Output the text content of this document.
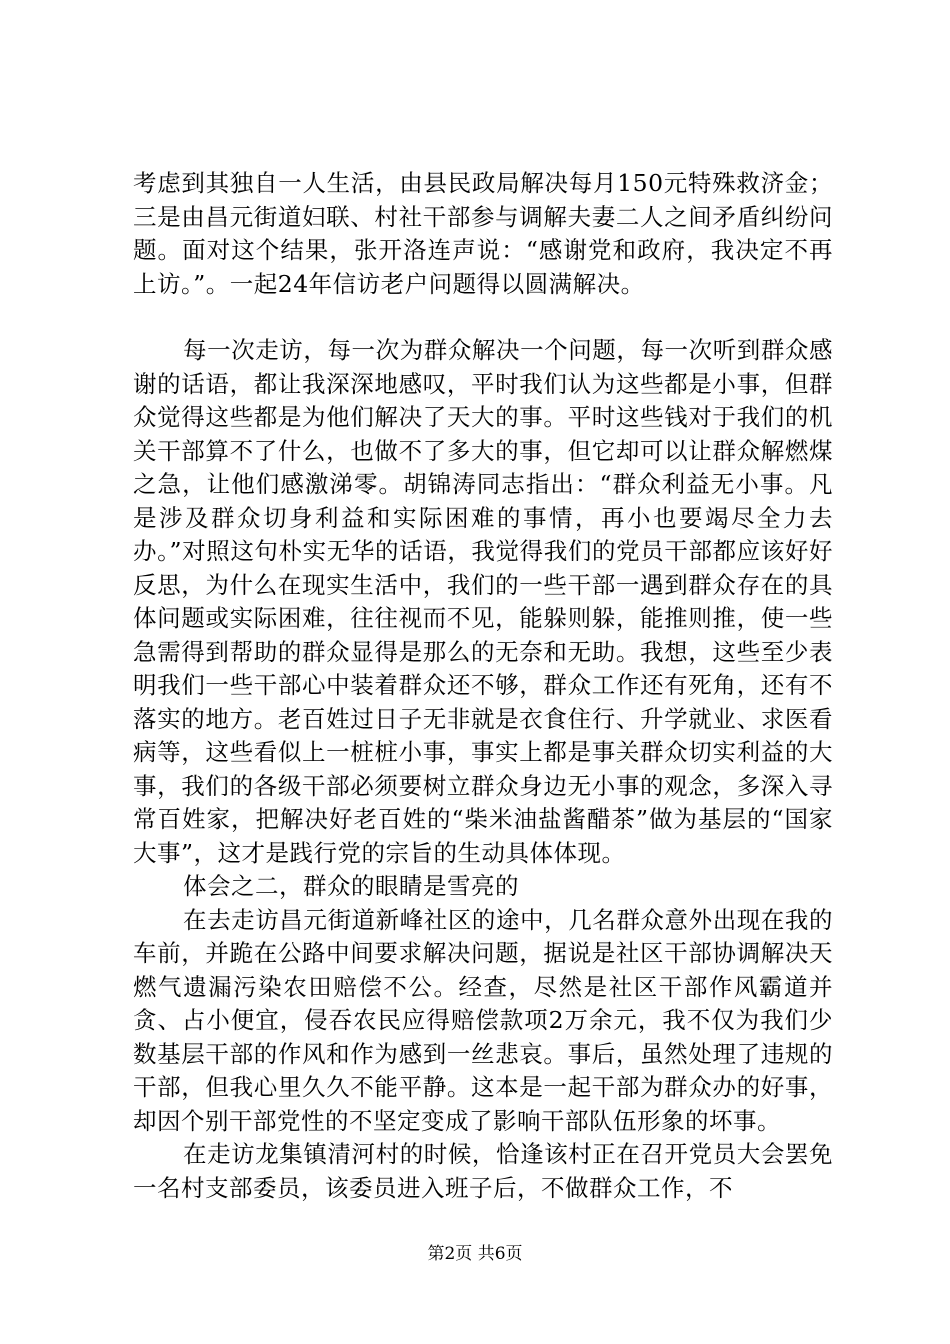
考虑到其独自一人生活，由县民政局解决每月150元特殊救济金；三是由昌元街道妇联、村社干部参与调解夫妻二人之间矛盾纠纷问题。面对这个结果，张开洛连声说：“感谢党和政府，我决定不再上访。”。一起24年信访老户问题得以圆满解决。

每一次走访，每一次为群众解决一个问题，每一次听到群众感谢的话语，都让我深深地感叹，平时我们认为这些都是小事，但群众觉得这些都是为他们解决了天大的事。平时这些钱对于我们的机关干部算不了什么，也做不了多大的事，但它却可以让群众解燃煤之急，让他们感激涕零。胡锦涛同志指出：“群众利益无小事。凡是涉及群众切身利益和实际困难的事情，再小也要竭尽全力去办。”对照这句朴实无华的话语，我觉得我们的党员干部都应该好好反思，为什么在现实生活中，我们的一些干部一遇到群众存在的具体问题或实际困难，往往视而不见，能躲则躲，能推则推，使一些急需得到帮助的群众显得是那么的无奈和无助。我想，这些至少表明我们一些干部心中装着群众还不够，群众工作还有死角，还有不落实的地方。老百姓过日子无非就是衣食住行、升学就业、求医看病等，这些看似上一桩桩小事，事实上都是事关群众切实利益的大事，我们的各级干部必须要树立群众身边无小事的观念，多深入寻常百姓家，把解决好老百姓的“柴米油盐酱醋茶”做为基层的“国家大事”，这才是践行党的宗旨的生动具体体现。

体会之二，群众的眼睛是雪亮的

在去走访昌元街道新峰社区的途中，几名群众意外出现在我的车前，并跪在公路中间要求解决问题，据说是社区干部协调解决天燃气遗漏污染农田赔偿不公。经查，尽然是社区干部作风霸道并贪、占小便宜，侵吞农民应得赔偿款项2万余元，我不仅为我们少数基层干部的作风和作为感到一丝悲哀。事后，虽然处理了违规的干部，但我心里久久不能平静。这本是一起干部为群众办的好事，却因个别干部党性的不坚定变成了影响干部队伍形象的坏事。

在走访龙集镇清河村的时候，恰逢该村正在召开党员大会罢免一名村支部委员，该委员进入班子后，不做群众工作，不

第2页 共6页
